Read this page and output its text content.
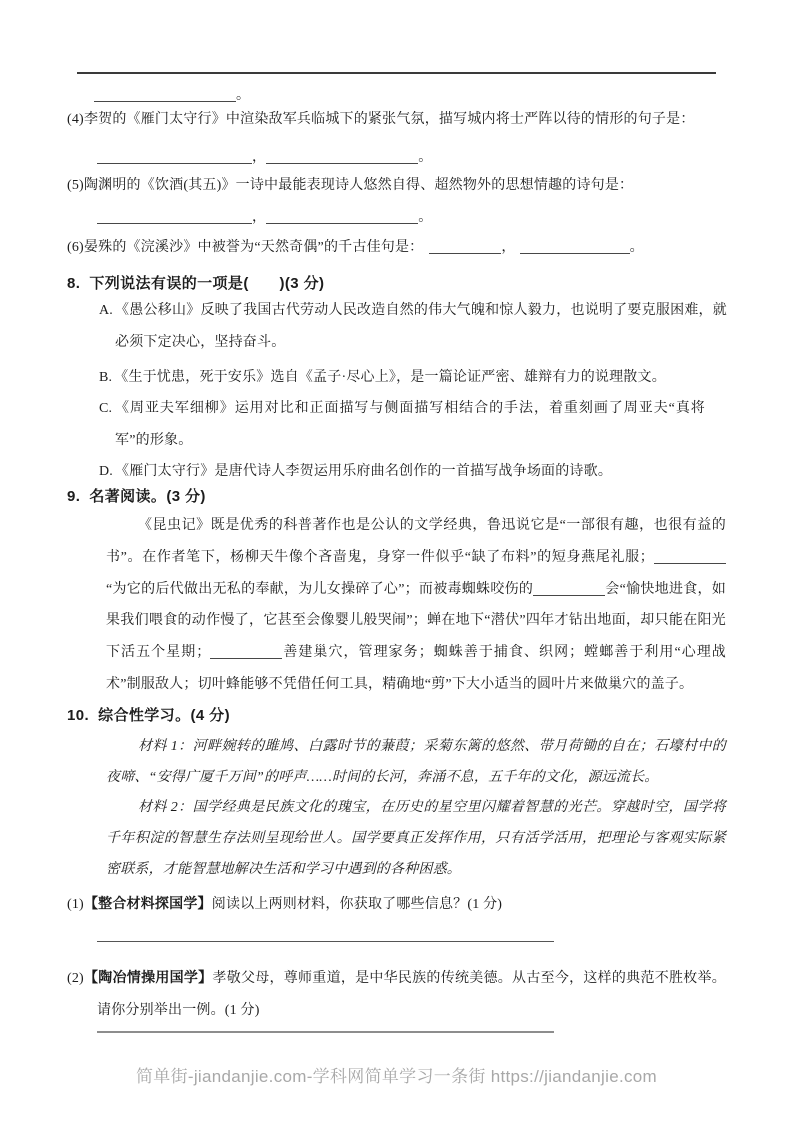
。
(4)李贺的《雁门太守行》中渲染敌军兵临城下的紧张气氛，描写城内将士严阵以待的情形的句子是：
，	。
(5)陶渊明的《饮酒(其五)》一诗中最能表现诗人悠然自得、超然物外的思想情趣的诗句是：
，	。
(6)晏殊的《浣溪沙》中被誉为“天然奇偶”的千古佳句是：	，	。
8. 下列说法有误的一项是(　　)(3 分)
A. 《愚公移山》反映了我国古代劳动人民改造自然的伟大气魄和惊人毅力，也说明了要克服困难，就必须下定决心，坚持奋斗。
B. 《生于忧患，死于安乐》选自《孟子·尽心上》，是一篇论证严密、雄辩有力的说理散文。
C. 《周亚夫军细柳》运用对比和正面描写与侧面描写相结合的手法，着重刻画了周亚夫“真将军”的形象。
D. 《雁门太守行》是唐代诗人李贺运用乐府曲名创作的一首描写战争场面的诗歌。
9. 名著阅读。(3 分)
《昆虫记》既是优秀的科普著作也是公认的文学经典，鲁迅说它是“一部很有趣，也很有益的书”。在作者笔下，杨柳天牛像个吝啬鬼，身穿一件似乎“缺了布料”的短身燕尾礼服；“为它的后代做出无私的奉献，为儿女操碎了心”；而被毒蜘蛛咬伤的	会“愉快地进食，如果我们喂食的动作慢了，它甚至会像婴儿般哭闹”；蝉在地下“潜伏”四年才钻出地面，却只能在阳光下活五个星期；	善建巢穴，管理家务；蜘蛛善于捕食、织网；螳螂善于利用“心理战术”制服敌人；切叶蜂能够不凭借任何工具，精确地“剪”下大小适当的圆叶片来做巢穴的盖子。
10. 综合性学习。(4 分)
材料 1：河畔婉转的雎鸠、白露时节的蒹葭；采菊东篱的悠然、带月荷锄的自在；石壕村中的夜啼、“安得广厦千万间”的呼声……时间的长河，奔涌不息，五千年的文化，源远流长。
材料 2：国学经典是民族文化的瑰宝，在历史的星空里闪耀着智慧的光芒。穿越时空，国学将千年积淀的智慧生存法则呈现给世人。国学要真正发挥作用，只有活学活用，把理论与客观实际紧密联系，才能智慧地解决生活和学习中遇到的各种困惑。
(1)【整合材料探国学】阅读以上两则材料，你获取了哪些信息？(1 分)
(2)【陶冶情操用国学】孝敬父母，尊师重道，是中华民族的传统美德。从古至今，这样的典范不胜枚举。请你分别举出一例。(1 分)
简单街-jiandanjie.com-学科网简单学习一条街 https://jiandanjie.com
